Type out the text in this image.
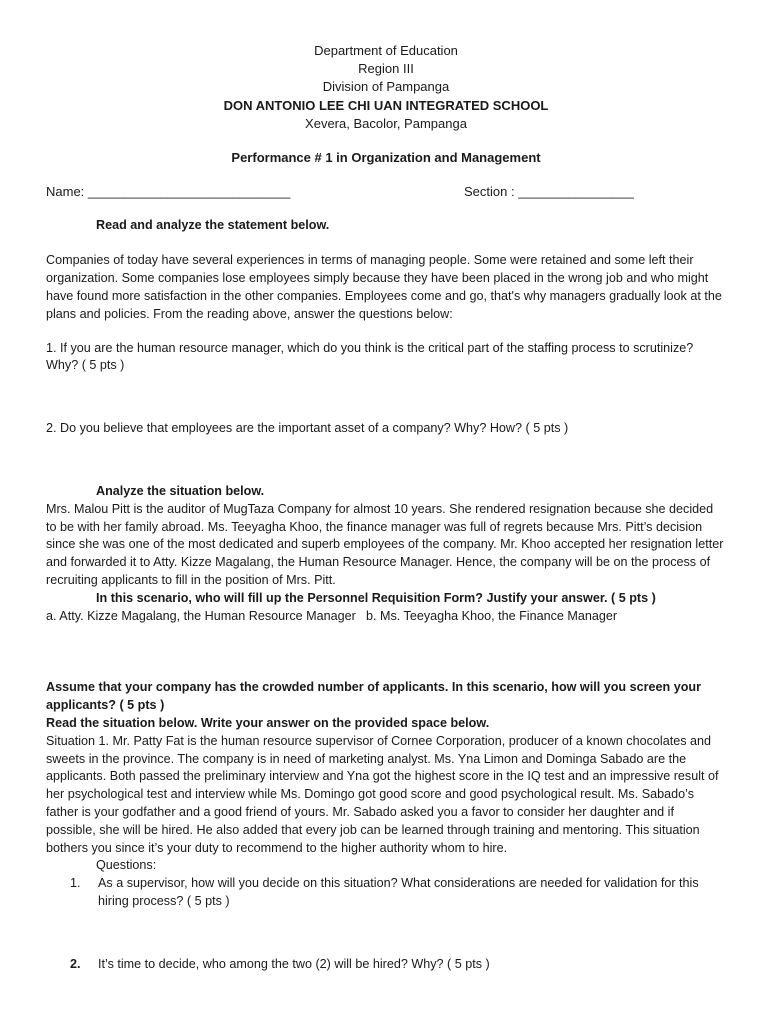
Department of Education
Region III
Division of Pampanga
DON ANTONIO LEE CHI UAN INTEGRATED SCHOOL
Xevera, Bacolor, Pampanga
Performance # 1 in Organization and Management
Name: ____________________________	Section : ________________

Read and analyze the statement below.

Companies of today have several experiences in terms of managing people. Some were retained and some left their organization. Some companies lose employees simply because they have been placed in the wrong job and who might have found more satisfaction in the other companies. Employees come and go, that's why managers gradually look at the plans and policies. From the reading above, answer the questions below:

1. If you are the human resource manager, which do you think is the critical part of the staffing process to scrutinize? Why? ( 5 pts )

2. Do you believe that employees are the important asset of a company? Why? How? ( 5 pts )

Analyze the situation below.

Mrs. Malou Pitt is the auditor of MugTaza Company for almost 10 years. She rendered resignation because she decided to be with her family abroad. Ms. Teeyagha Khoo, the finance manager was full of regrets because Mrs. Pitt’s decision since she was one of the most dedicated and superb employees of the company. Mr. Khoo accepted her resignation letter and forwarded it to Atty. Kizze Magalang, the Human Resource Manager. Hence, the company will be on the process of recruiting applicants to fill in the position of Mrs. Pitt.

In this scenario, who will fill up the Personnel Requisition Form? Justify your answer. ( 5 pts )

a. Atty. Kizze Magalang, the Human Resource Manager b. Ms. Teeyagha Khoo, the Finance Manager

Assume that your company has the crowded number of applicants. In this scenario, how will you screen your applicants? ( 5 pts )

Read the situation below. Write your answer on the provided space below.

Situation 1. Mr. Patty Fat is the human resource supervisor of Cornee Corporation, producer of a known chocolates and sweets in the province. The company is in need of marketing analyst. Ms. Yna Limon and Dominga Sabado are the applicants. Both passed the preliminary interview and Yna got the highest score in the IQ test and an impressive result of her psychological test and interview while Ms. Domingo got good score and good psychological result. Ms. Sabado’s father is your godfather and a good friend of yours. Mr. Sabado asked you a favor to consider her daughter and if possible, she will be hired. He also added that every job can be learned through training and mentoring. This situation bothers you since it’s your duty to recommend to the higher authority whom to hire.

Questions:

1.	As a supervisor, how will you decide on this situation? What considerations are needed for validation for this hiring process? ( 5 pts )
2.	It’s time to decide, who among the two (2) will be hired? Why? ( 5 pts )
